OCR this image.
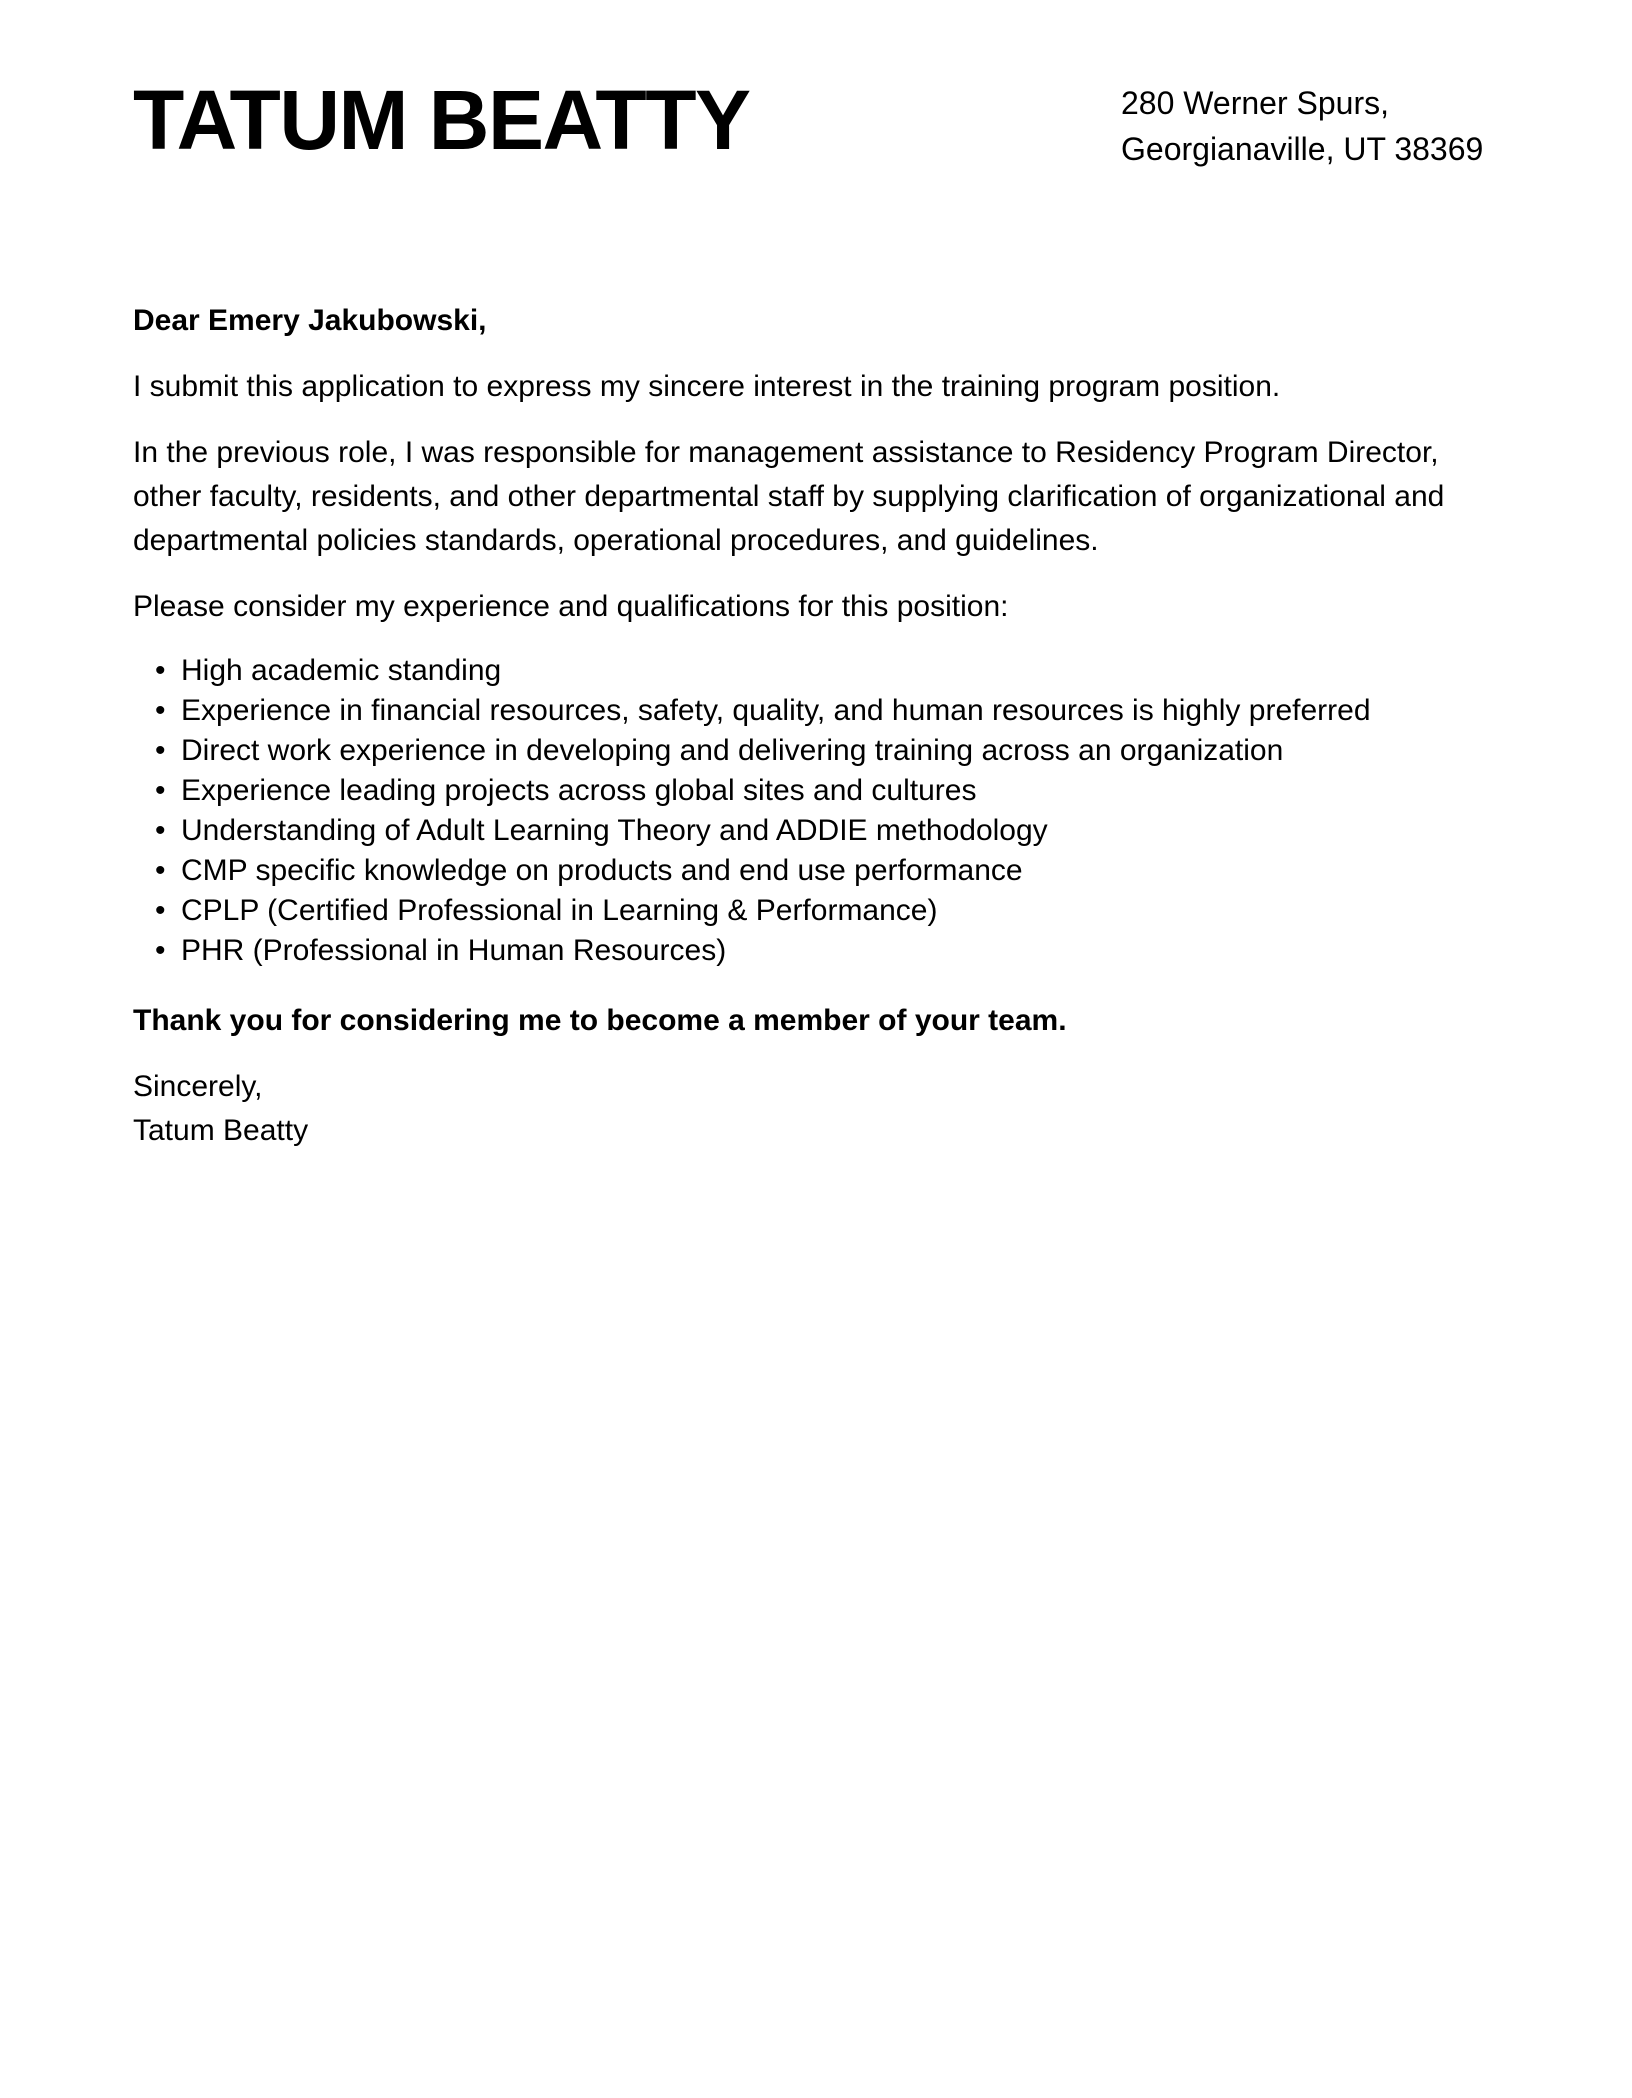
TATUM BEATTY	280 Werner Spurs,
Georgianaville, UT 38369

Dear Emery Jakubowski,

I submit this application to express my sincere interest in the training program position.

In the previous role, I was responsible for management assistance to Residency Program Director, other faculty, residents, and other departmental staff by supplying clarification of organizational and departmental policies standards, operational procedures, and guidelines.

Please consider my experience and qualifications for this position:

• High academic standing
• Experience in financial resources, safety, quality, and human resources is highly preferred
• Direct work experience in developing and delivering training across an organization
• Experience leading projects across global sites and cultures
• Understanding of Adult Learning Theory and ADDIE methodology
• CMP specific knowledge on products and end use performance
• CPLP (Certified Professional in Learning & Performance)
• PHR (Professional in Human Resources)

Thank you for considering me to become a member of your team.

Sincerely,
Tatum Beatty
